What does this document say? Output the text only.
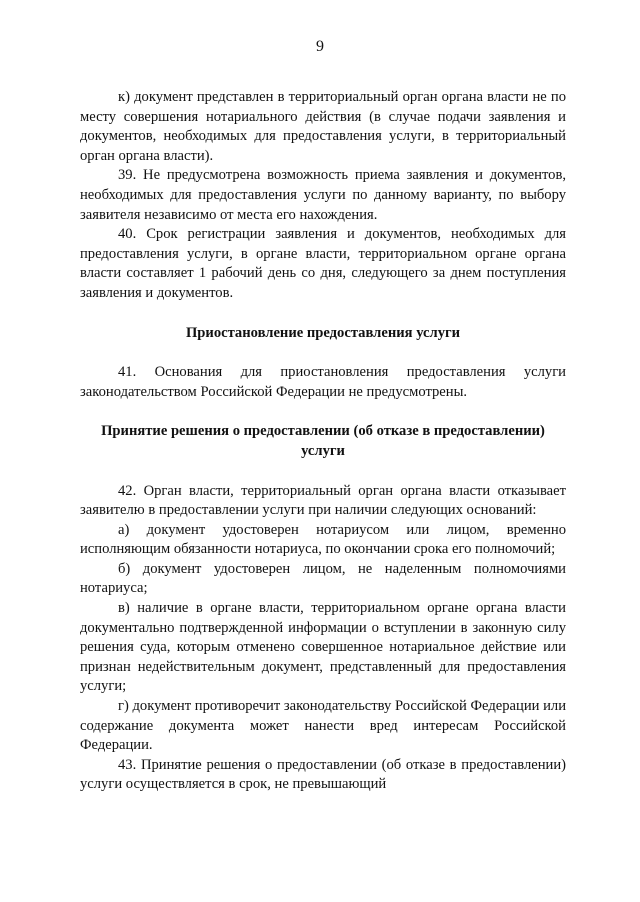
9

к) документ представлен в территориальный орган органа власти не по месту совершения нотариального действия (в случае подачи заявления и документов, необходимых для предоставления услуги, в территориальный орган органа власти).

39. Не предусмотрена возможность приема заявления и документов, необходимых для предоставления услуги по данному варианту, по выбору заявителя независимо от места его нахождения.

40. Срок регистрации заявления и документов, необходимых для предоставления услуги, в органе власти, территориальном органе органа власти составляет 1 рабочий день со дня, следующего за днем поступления заявления и документов.

Приостановление предоставления услуги

41. Основания для приостановления предоставления услуги законодательством Российской Федерации не предусмотрены.

Принятие решения о предоставлении (об отказе в предоставлении) услуги

42. Орган власти, территориальный орган органа власти отказывает заявителю в предоставлении услуги при наличии следующих оснований:

а) документ удостоверен нотариусом или лицом, временно исполняющим обязанности нотариуса, по окончании срока его полномочий;

б) документ удостоверен лицом, не наделенным полномочиями нотариуса;

в) наличие в органе власти, территориальном органе органа власти документально подтвержденной информации о вступлении в законную силу решения суда, которым отменено совершенное нотариальное действие или признан недействительным документ, представленный для предоставления услуги;

г) документ противоречит законодательству Российской Федерации или содержание документа может нанести вред интересам Российской Федерации.

43. Принятие решения о предоставлении (об отказе в предоставлении) услуги осуществляется в срок, не превышающий
